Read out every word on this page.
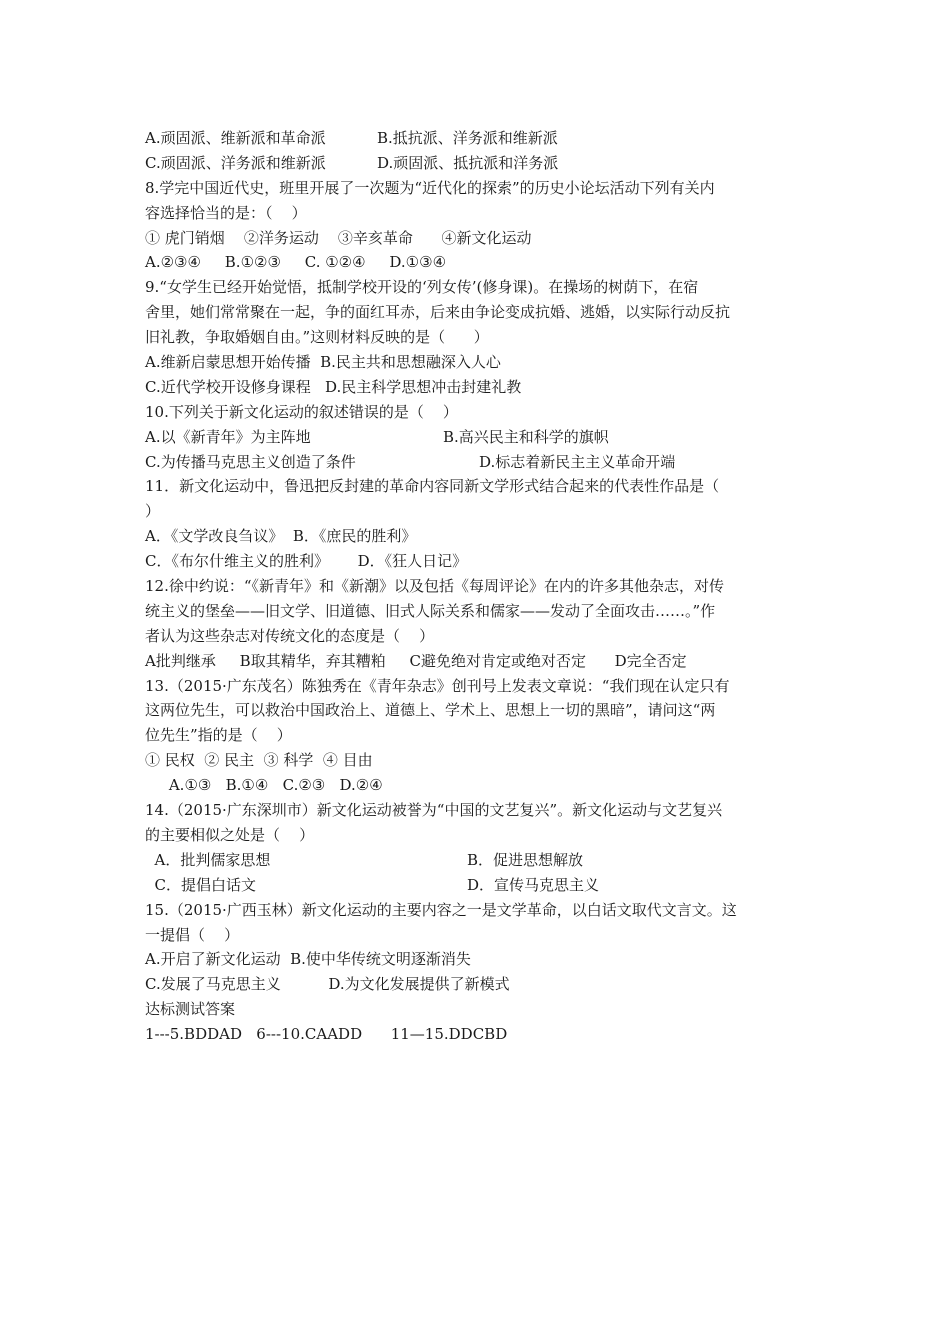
A.顽固派、维新派和革命派	B.抵抗派、洋务派和维新派
C.顽固派、洋务派和维新派	D.顽固派、抵抗派和洋务派
8.学完中国近代史，班里开展了一次题为“近代化的探索”的历史小论坛活动下列有关内
容选择恰当的是：（    ）
① 虎门销烟    ②洋务运动    ③辛亥革命      ④新文化运动
A.②③④     B.①②③     C. ①②④     D.①③④
9.“女学生已经开始觉悟，抵制学校开设的‘列女传’(修身课)。在操场的树荫下，在宿
舍里，她们常常聚在一起，争的面红耳赤，后来由争论变成抗婚、逃婚，以实际行动反抗
旧礼教，争取婚姻自由。”这则材料反映的是（      ）
A.维新启蒙思想开始传播  B.民主共和思想融深入人心
C.近代学校开设修身课程   D.民主科学思想冲击封建礼教
10.下列关于新文化运动的叙述错误的是（    ）
A.以《新青年》为主阵地	B.高兴民主和科学的旗帜
C.为传播马克思主义创造了条件	D.标志着新民主主义革命开端
11．新文化运动中，鲁迅把反封建的革命内容同新文学形式结合起来的代表性作品是（
）
A．《文学改良刍议》  B．《庶民的胜利》
C．《布尔什维主义的胜利》      D．《狂人日记》
12.徐中约说：“《新青年》和《新潮》以及包括《每周评论》在内的许多其他杂志，对传
统主义的堡垒——旧文学、旧道德、旧式人际关系和儒家——发动了全面攻击……。”作
者认为这些杂志对传统文化的态度是（    ）
A批判继承     B取其精华，弃其糟粕     C避免绝对肯定或绝对否定      D完全否定
13.（2015·广东茂名）陈独秀在《青年杂志》创刊号上发表文章说：“我们现在认定只有
这两位先生，可以救治中国政治上、道德上、学术上、思想上一切的黑暗”，请问这“两
位先生”指的是（    ）
① 民权  ② 民主  ③ 科学  ④ 目由
A.①③   B.①④   C.②③   D.②④
14.（2015·广东深圳市）新文化运动被誉为“中国的文艺复兴”。新文化运动与文艺复兴
的主要相似之处是（    ）
A．批判儒家思想	B．促进思想解放
C．提倡白话文	D．宣传马克思主义
15.（2015·广西玉林）新文化运动的主要内容之一是文学革命，以白话文取代文言文。这
一提倡（    ）
A.开启了新文化运动  B.使中华传统文明逐渐消失
C.发展了马克思主义          D.为文化发展提供了新模式
达标测试答案
1---5.BDDAD   6---10.CAADD      11—15.DDCBD
